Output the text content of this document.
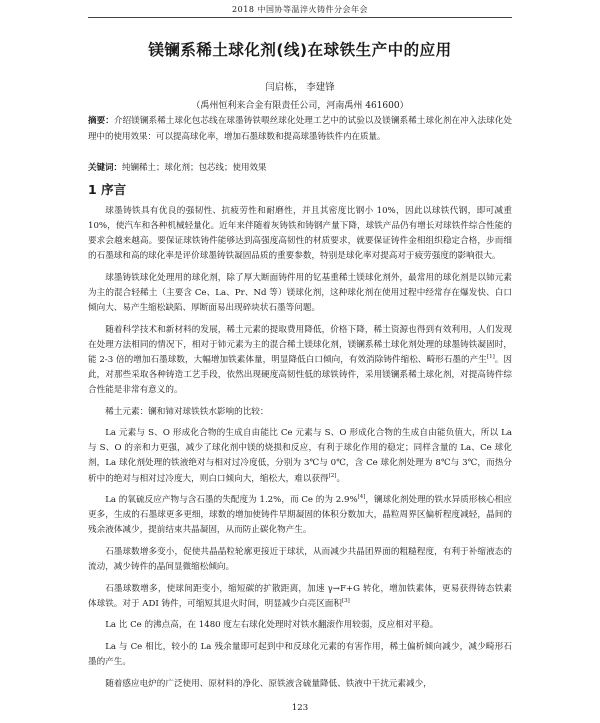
2018 中国协等温淬火铸件分会年会
镁镧系稀土球化剂(线)在球铁生产中的应用
闫启栋， 李建锋
（禹州恒利来合金有限责任公司，河南禹州 461600）
摘要：介绍镁镧系稀土球化包芯线在球墨铸铁喂丝球化处理工艺中的试验以及镁镧系稀土球化剂在冲入法球化处理中的使用效果：可以提高球化率，增加石墨球数和提高球墨铸铁件内在质量。
关键词：纯镧稀土；球化剂；包芯线；使用效果
1 序言

球墨铸铁具有优良的强韧性、抗疲劳性和耐磨性，并且其密度比钢小 10%，因此以球铁代钢，即可减重10%，使汽车和各种机械轻量化。近年来伴随着灰铸铁和铸钢产量下降，球铁产品仍有增长对球铁件综合性能的要求会越来越高。要保证球铁铸件能够达到高强度高韧性的材质要求，就要保证铸件金相组织稳定合格，步而细的石墨球和高的球化率是评价球墨铸铁凝固品质的重要参数，特别是球化率对提高对于疲劳强度的影响很大。

球墨铸铁球化处理用的球化剂，除了厚大断面铸件用的钇基重稀土镁球化剂外，最常用的球化剂是以铈元素为主的混合轻稀土（主要含 Ce、La、Pr、Nd 等）镁球化剂，这种球化剂在使用过程中经常存在爆发快、白口倾向大、易产生缩松缺陷、厚断面易出现碎块状石墨等问题。

随着科学技术和新材料的发展，稀土元素的提取费用降低，价格下降，稀土资源也得到有效利用，人们发现在处理方法相同的情况下，相对于铈元素为主的混合稀土镁球化剂，镁镧系稀土球化剂处理的球墨铸铁凝固时，能 2-3 倍的增加石墨球数，大幅增加铁素体量，明显降低白口倾向，有效消除铸件缩松、畸形石墨的产生[1]。因此，对那些采取各种铸造工艺手段，依然出现硬度高韧性低的球铁铸件，采用镁镧系稀土球化剂，对提高铸件综合性能是非常有意义的。

稀土元素：镧和铈对球铁铁水影响的比较：

La 元素与 S、O 形成化合物的生成自由能比 Ce 元素与 S、O 形成化合物的生成自由能负值大，所以 La 与 S、O 的亲和力更强，减少了球化剂中镁的烧损和反应，有利于球化作用的稳定；同样含量的 La、Ce 球化剂，La 球化剂处理的铁液绝对与相对过冷度低，分别为 3℃与 0℃，含 Ce 球化剂处理为 8℃与 3℃，而热分析中的绝对与相对过冷度大，则白口倾向大，缩松大，难以获得[2]。

La 的氧硫反应产物与含石墨的失配度为 1.2%，而 Ce 的为 2.9%[4]，镧球化剂处理的铁水异质形核心相应更多，生成的石墨球更多更细，球数的增加使铸件早期凝固的体积分数加大，晶粒周界区偏析程度减轻，晶间的残余液体减少，提前结束共晶凝固，从而防止碳化物产生。

石墨球数增多变小，促使共晶晶粒轮廓更接近于球状，从而减少共晶团界面的粗糙程度，有利于补缩液态的流动，减少铸件的晶间显微缩松倾向。

石墨球数增多，使球间距变小，缩短碳的扩散距离，加速 γ→F+G 转化，增加铁素体，更易获得铸态铁素体球铁。对于 ADI 铸件，可缩短其退火时间，明显减少白亮区面积[3]

La 比 Ce 的沸点高，在 1480 度左右球化处理时对铁水翻滚作用较弱，反应相对平稳。

La 与 Ce 相比，较小的 La 残余量即可起到中和反球化元素的有害作用，稀土偏析倾向减少，减少畸形石墨的产生。

随着感应电炉的广泛使用、原材料的净化、原铁液含硫量降低、铁液中干扰元素减少，

123
